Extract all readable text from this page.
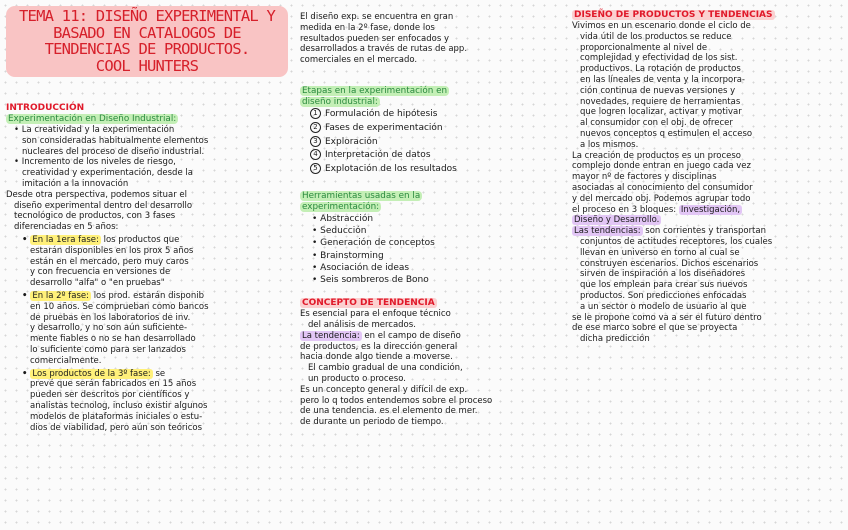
TEMA 11: DISEÑO EXPERIMENTAL Y
BASADO EN CATALOGOS DE
TENDENCIAS DE PRODUCTOS.
COOL HUNTERS
INTRODUCCIÓN
Experimentación en Diseño Industrial:
• La creatividad y la experimentación
son consideradas habitualmente elementos
nucleares del proceso de diseño industrial.
• Incremento de los niveles de riesgo,
creatividad y experimentación, desde la
imitación a la innovación
Desde otra perspectiva, podemos situar el
diseño experimental dentro del desarrollo
tecnológico de productos, con 3 fases
diferenciadas en 5 años:
• En la 1era fase: los productos que
estarán disponibles en los prox 5 años
están en el mercado, pero muy caros
y con frecuencia en versiones de
desarrollo "alfa" o "en pruebas"
• En la 2º fase: los prod. estarán disponib
en 10 años. Se comprueban como bancos
de pruebas en los laboratorios de inv.
y desarrollo, y no son aún suficiente-
mente fiables o no se han desarrollado
lo suficiente como para ser lanzados
comercialmente.
• Los productos de la 3º fase: se
prevé que serán fabricados en 15 años
pueden ser descritos por científicos y
analistas tecnolog, incluso existir algunos
modelos de plataformas iniciales o estu-
dios de viabilidad, pero aún son teóricos
El diseño exp. se encuentra en gran
medida en la 2º fase, donde los
resultados pueden ser enfocados y
desarrollados a través de rutas de app.
comerciales en el mercado.
Etapas en la experimentación en
diseño industrial:
1 Formulación de hipótesis
2 Fases de experimentación
3 Exploración
4 Interpretación de datos
5 Explotación de los resultados
Herramientas usadas en la
experimentación:
• Abstracción
• Seducción
• Generación de conceptos
• Brainstorming
• Asociación de ideas
• Seis sombreros de Bono
CONCEPTO DE TENDENCIA
Es esencial para el enfoque técnico
del análisis de mercados.
La tendencia: en el campo de diseño
de productos, es la dirección general
hacia donde algo tiende a moverse.
El cambio gradual de una condición,
un producto o proceso.
Es un concepto general y difícil de exp.
pero lo q todos entendemos sobre el proceso
de una tendencia. es el elemento de mer.
de durante un periodo de tiempo.
DISEÑO DE PRODUCTOS Y TENDENCIAS
Vivimos en un escenario donde el ciclo de
vida útil de los productos se reduce
proporcionalmente al nivel de
complejidad y efectividad de los sist.
productivos. La rotación de productos
en las líneales de venta y la incorpora-
ción continua de nuevas versiones y
novedades, requiere de herramientas
que logren localizar, activar y motivar
al consumidor con el obj. de ofrecer
nuevos conceptos q estimulen el acceso
a los mismos.
La creación de productos es un proceso
complejo donde entran en juego cada vez
mayor nº de factores y disciplinas
asociadas al conocimiento del consumidor
y del mercado obj. Podemos agrupar todo
el proceso en 3 bloques: Investigación,
Diseño y Desarrollo.
Las tendencias: son corrientes y transportan
conjuntos de actitudes receptores, los cuales
llevan en universo en torno al cual se
construyen escenarios. Dichos escenarios
sirven de inspiración a los diseñadores
que los emplean para crear sus nuevos
productos. Son predicciones enfocadas
a un sector o modelo de usuario al que
se le propone como va a ser el futuro dentro
de ese marco sobre el que se proyecta
dicha predicción
